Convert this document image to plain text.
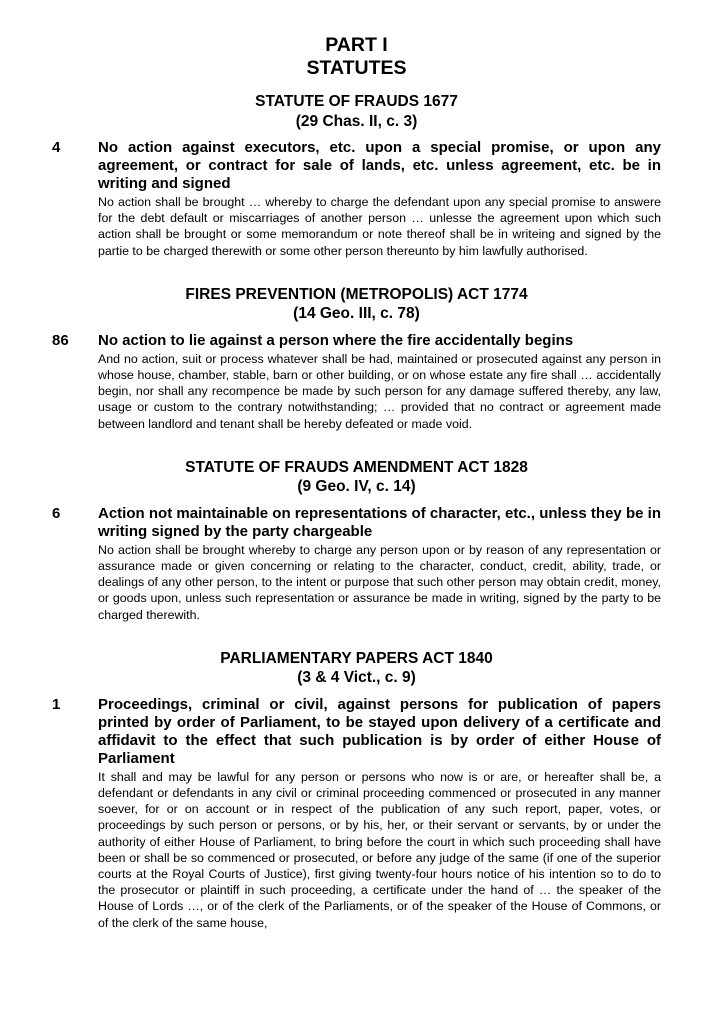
PART I
STATUTES
STATUTE OF FRAUDS 1677
(29 Chas. II, c. 3)
4	No action against executors, etc. upon a special promise, or upon any agreement, or contract for sale of lands, etc. unless agreement, etc. be in writing and signed
No action shall be brought … whereby to charge the defendant upon any special promise to answere for the debt default or miscarriages of another person … unlesse the agreement upon which such action shall be brought or some memorandum or note thereof shall be in writeing and signed by the partie to be charged therewith or some other person thereunto by him lawfully authorised.
FIRES PREVENTION (METROPOLIS) ACT 1774
(14 Geo. III, c. 78)
86	No action to lie against a person where the fire accidentally begins
And no action, suit or process whatever shall be had, maintained or prosecuted against any person in whose house, chamber, stable, barn or other building, or on whose estate any fire shall … accidentally begin, nor shall any recompence be made by such person for any damage suffered thereby, any law, usage or custom to the contrary notwithstanding; … provided that no contract or agreement made between landlord and tenant shall be hereby defeated or made void.
STATUTE OF FRAUDS AMENDMENT ACT 1828
(9 Geo. IV, c. 14)
6	Action not maintainable on representations of character, etc., unless they be in writing signed by the party chargeable
No action shall be brought whereby to charge any person upon or by reason of any representation or assurance made or given concerning or relating to the character, conduct, credit, ability, trade, or dealings of any other person, to the intent or purpose that such other person may obtain credit, money, or goods upon, unless such representation or assurance be made in writing, signed by the party to be charged therewith.
PARLIAMENTARY PAPERS ACT 1840
(3 & 4 Vict., c. 9)
1	Proceedings, criminal or civil, against persons for publication of papers printed by order of Parliament, to be stayed upon delivery of a certificate and affidavit to the effect that such publication is by order of either House of Parliament
It shall and may be lawful for any person or persons who now is or are, or hereafter shall be, a defendant or defendants in any civil or criminal proceeding commenced or prosecuted in any manner soever, for or on account or in respect of the publication of any such report, paper, votes, or proceedings by such person or persons, or by his, her, or their servant or servants, by or under the authority of either House of Parliament, to bring before the court in which such proceeding shall have been or shall be so commenced or prosecuted, or before any judge of the same (if one of the superior courts at the Royal Courts of Justice), first giving twenty-four hours notice of his intention so to do to the prosecutor or plaintiff in such proceeding, a certificate under the hand of … the speaker of the House of Lords …, or of the clerk of the Parliaments, or of the speaker of the House of Commons, or of the clerk of the same house,
